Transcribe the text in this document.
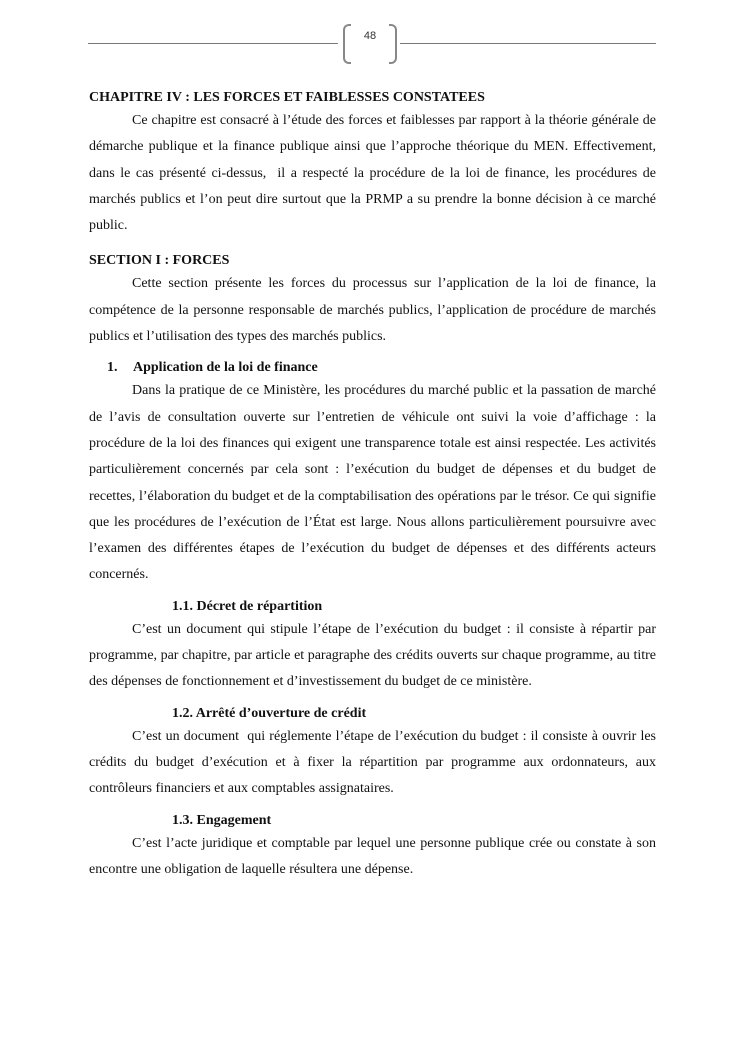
48
CHAPITRE IV : LES FORCES ET FAIBLESSES CONSTATEES

Ce chapitre est consacré à l’étude des forces et faiblesses par rapport à la théorie générale de démarche publique et la finance publique ainsi que l’approche théorique du MEN. Effectivement, dans le cas présenté ci-dessus,  il a respecté la procédure de la loi de finance, les procédures de marchés publics et l’on peut dire surtout que la PRMP a su prendre la bonne décision à ce marché public.

SECTION I : FORCES

Cette section présente les forces du processus sur l’application de la loi de finance, la compétence de la personne responsable de marchés publics, l’application de procédure de marchés publics et l’utilisation des types des marchés publics.

1. Application de la loi de finance

Dans la pratique de ce Ministère, les procédures du marché public et la passation de marché de l’avis de consultation ouverte sur l’entretien de véhicule ont suivi la voie d’affichage : la procédure de la loi des finances qui exigent une transparence totale est ainsi respectée. Les activités particulièrement concernés par cela sont : l’exécution du budget de dépenses et du budget de recettes, l’élaboration du budget et de la comptabilisation des opérations par le trésor. Ce qui signifie que les procédures de l’exécution de l’État est large. Nous allons particulièrement poursuivre avec l’examen des différentes étapes de l’exécution du budget de dépenses et des différents acteurs concernés.

1.1. Décret de répartition

C’est un document qui stipule l’étape de l’exécution du budget : il consiste à répartir par programme, par chapitre, par article et paragraphe des crédits ouverts sur chaque programme, au titre des dépenses de fonctionnement et d’investissement du budget de ce ministère.

1.2. Arrêté d’ouverture de crédit

C’est un document  qui réglemente l’étape de l’exécution du budget : il consiste à ouvrir les crédits du budget d’exécution et à fixer la répartition par programme aux ordonnateurs, aux contrôleurs financiers et aux comptables assignataires.

1.3. Engagement

C’est l’acte juridique et comptable par lequel une personne publique crée ou constate à son encontre une obligation de laquelle résultera une dépense.
